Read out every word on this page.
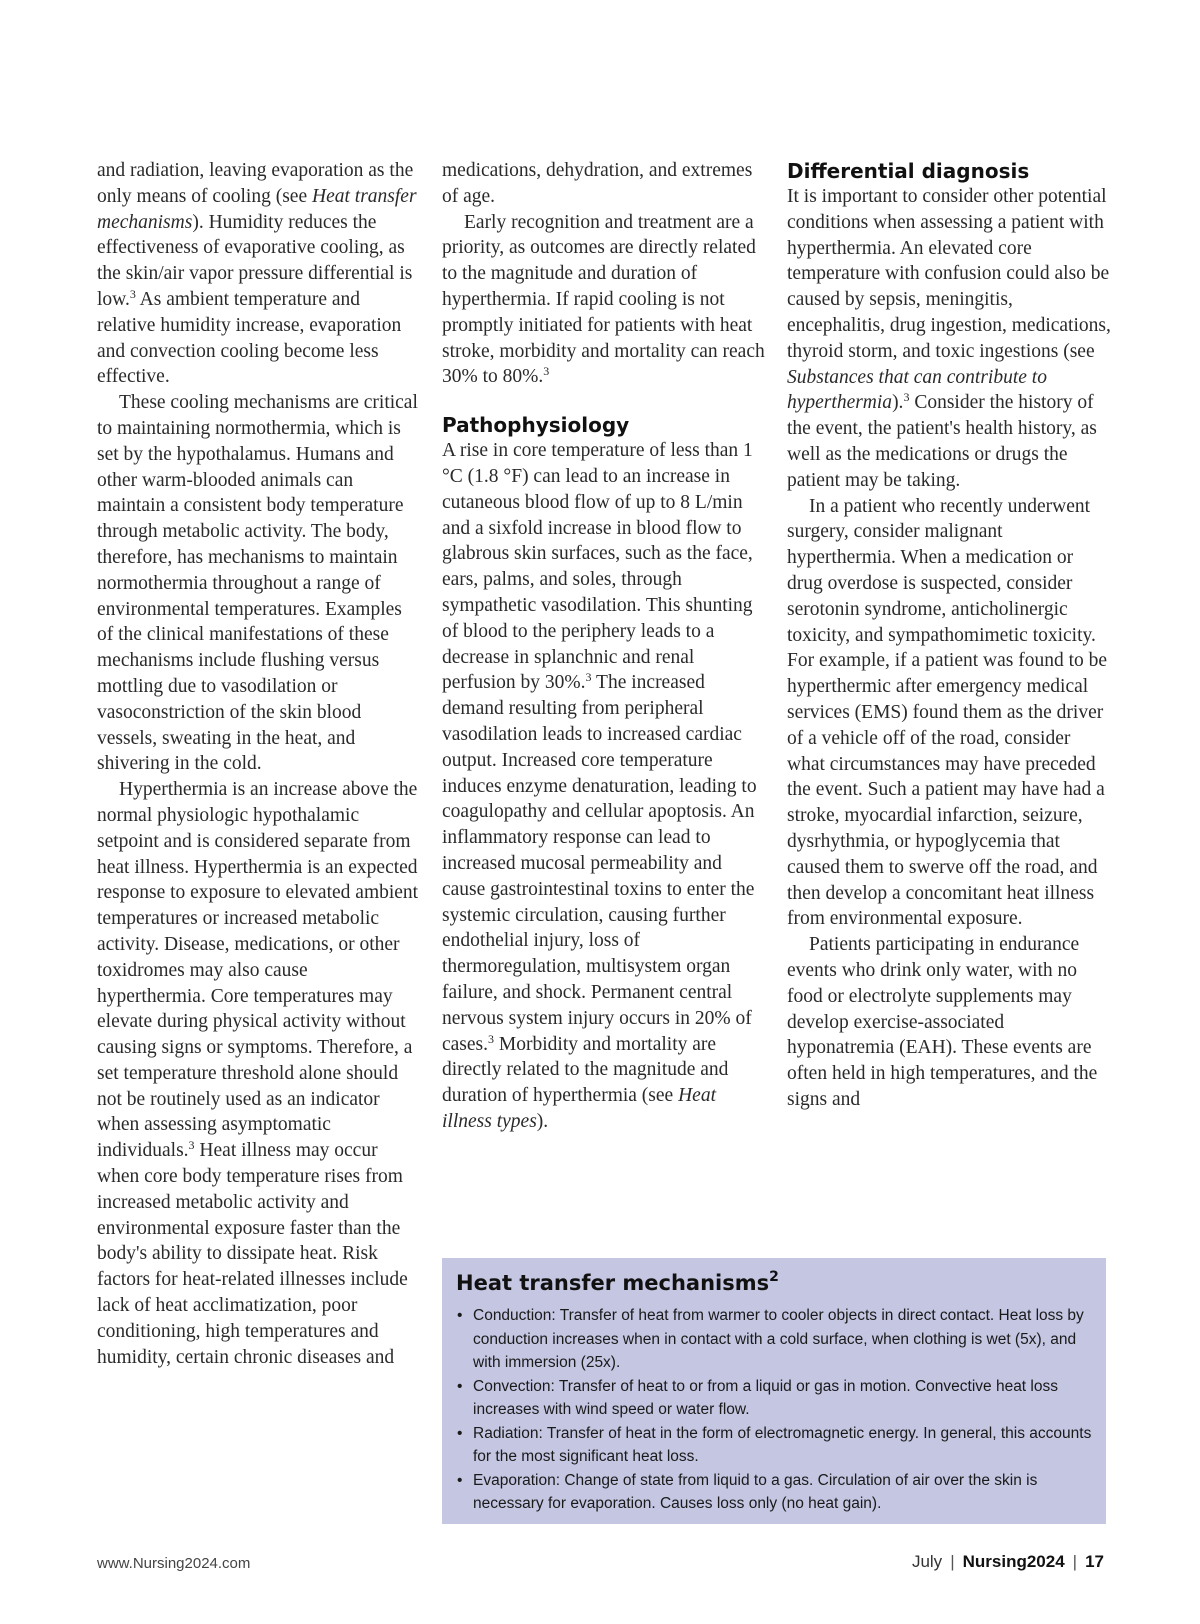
and radiation, leaving evaporation as the only means of cooling (see Heat transfer mechanisms). Humidity reduces the effectiveness of evaporative cooling, as the skin/air vapor pressure differential is low.$^3$ As ambient temperature and relative humidity increase, evaporation and convection cooling become less effective.

These cooling mechanisms are critical to maintaining normothermia, which is set by the hypothalamus. Humans and other warm-blooded animals can maintain a consistent body temperature through metabolic activity. The body, therefore, has mechanisms to maintain normothermia throughout a range of environmental temperatures. Examples of the clinical manifestations of these mechanisms include flushing versus mottling due to vasodilation or vasoconstriction of the skin blood vessels, sweating in the heat, and shivering in the cold.

Hyperthermia is an increase above the normal physiologic hypothalamic setpoint and is considered separate from heat illness. Hyperthermia is an expected response to exposure to elevated ambient temperatures or increased metabolic activity. Disease, medications, or other toxidromes may also cause hyperthermia. Core temperatures may elevate during physical activity without causing signs or symptoms. Therefore, a set temperature threshold alone should not be routinely used as an indicator when assessing asymptomatic individuals.$^3$ Heat illness may occur when core body temperature rises from increased metabolic activity and environmental exposure faster than the body's ability to dissipate heat. Risk factors for heat-related illnesses include lack of heat acclimatization, poor conditioning, high temperatures and humidity, certain chronic diseases and

medications, dehydration, and extremes of age.

Early recognition and treatment are a priority, as outcomes are directly related to the magnitude and duration of hyperthermia. If rapid cooling is not promptly initiated for patients with heat stroke, morbidity and mortality can reach 30% to 80%.$^3$

Pathophysiology

A rise in core temperature of less than 1 °C (1.8 °F) can lead to an increase in cutaneous blood flow of up to 8 L/min and a sixfold increase in blood flow to glabrous skin surfaces, such as the face, ears, palms, and soles, through sympathetic vasodilation. This shunting of blood to the periphery leads to a decrease in splanchnic and renal perfusion by 30%.$^3$ The increased demand resulting from peripheral vasodilation leads to increased cardiac output. Increased core temperature induces enzyme denaturation, leading to coagulopathy and cellular apoptosis. An inflammatory response can lead to increased mucosal permeability and cause gastrointestinal toxins to enter the systemic circulation, causing further endothelial injury, loss of thermoregulation, multisystem organ failure, and shock. Permanent central nervous system injury occurs in 20% of cases.$^3$ Morbidity and mortality are directly related to the magnitude and duration of hyperthermia (see Heat illness types).

Differential diagnosis

It is important to consider other potential conditions when assessing a patient with hyperthermia. An elevated core temperature with confusion could also be caused by sepsis, meningitis, encephalitis, drug ingestion, medications, thyroid storm, and toxic ingestions (see Substances that can contribute to hyperthermia).$^3$ Consider the history of the event, the patient's health history, as well as the medications or drugs the patient may be taking.

In a patient who recently underwent surgery, consider malignant hyperthermia. When a medication or drug overdose is suspected, consider serotonin syndrome, anticholinergic toxicity, and sympathomimetic toxicity. For example, if a patient was found to be hyperthermic after emergency medical services (EMS) found them as the driver of a vehicle off of the road, consider what circumstances may have preceded the event. Such a patient may have had a stroke, myocardial infarction, seizure, dysrhythmia, or hypoglycemia that caused them to swerve off the road, and then develop a concomitant heat illness from environmental exposure.

Patients participating in endurance events who drink only water, with no food or electrolyte supplements may develop exercise-associated hyponatremia (EAH). These events are often held in high temperatures, and the signs and

Heat transfer mechanisms$^2$
• Conduction: Transfer of heat from warmer to cooler objects in direct contact. Heat loss by conduction increases when in contact with a cold surface, when clothing is wet (5x), and with immersion (25x).
• Convection: Transfer of heat to or from a liquid or gas in motion. Convective heat loss increases with wind speed or water flow.
• Radiation: Transfer of heat in the form of electromagnetic energy. In general, this accounts for the most significant heat loss.
• Evaporation: Change of state from liquid to a gas. Circulation of air over the skin is necessary for evaporation. Causes loss only (no heat gain).
www.Nursing2024.com	July | Nursing2024 | 17
